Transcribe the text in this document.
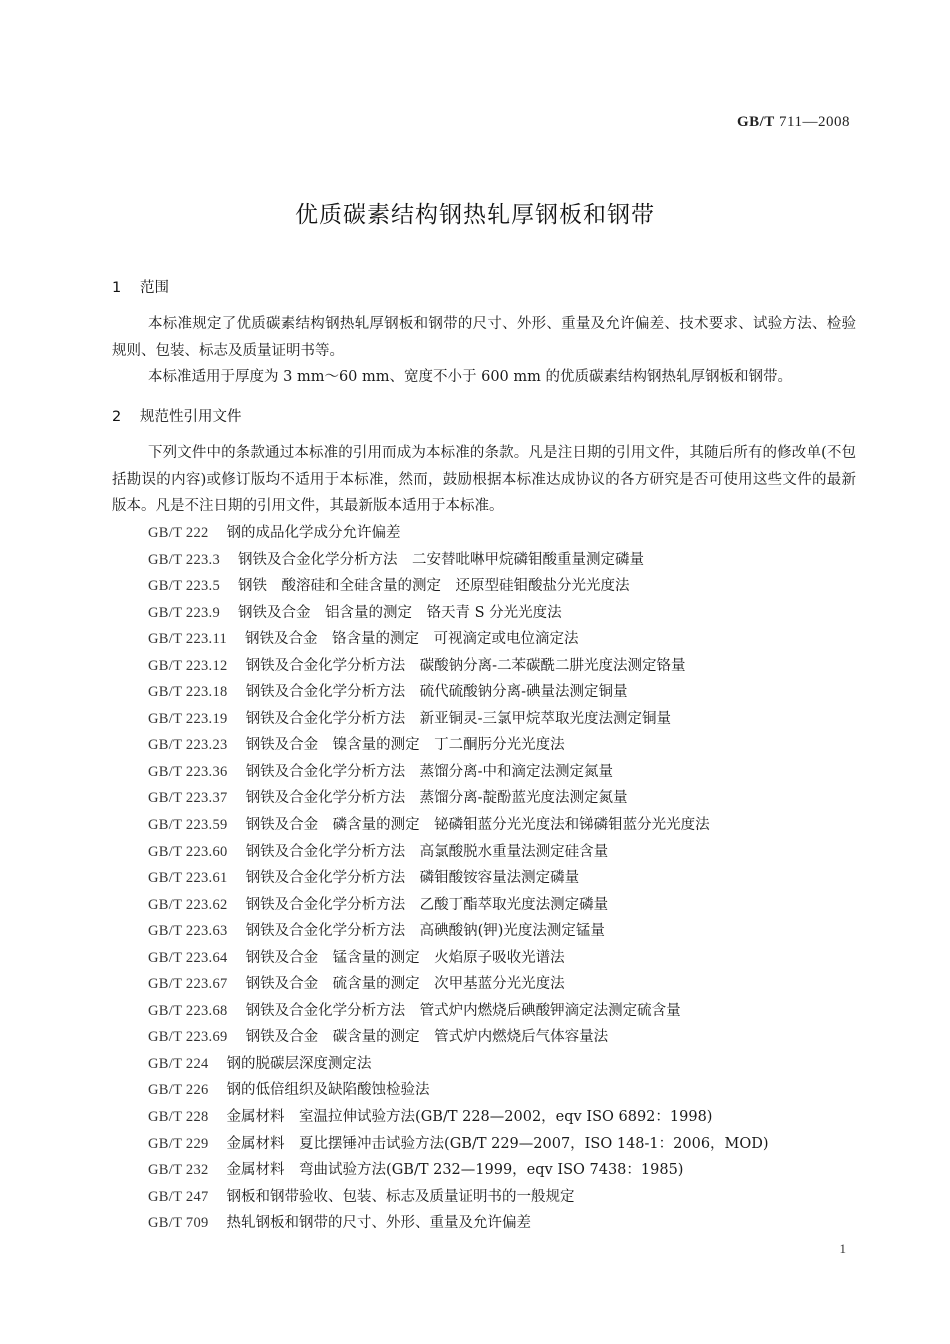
GB/T 711—2008
优质碳素结构钢热轧厚钢板和钢带
1 范围
本标准规定了优质碳素结构钢热轧厚钢板和钢带的尺寸、外形、重量及允许偏差、技术要求、试验方法、检验规则、包装、标志及质量证明书等。
本标准适用于厚度为 3 mm～60 mm、宽度不小于 600 mm 的优质碳素结构钢热轧厚钢板和钢带。
2 规范性引用文件
下列文件中的条款通过本标准的引用而成为本标准的条款。凡是注日期的引用文件，其随后所有的修改单(不包括勘误的内容)或修订版均不适用于本标准，然而，鼓励根据本标准达成协议的各方研究是否可使用这些文件的最新版本。凡是不注日期的引用文件，其最新版本适用于本标准。
GB/T 222 钢的成品化学成分允许偏差
GB/T 223.3 钢铁及合金化学分析方法　二安替吡啉甲烷磷钼酸重量测定磷量
GB/T 223.5 钢铁　酸溶硅和全硅含量的测定　还原型硅钼酸盐分光光度法
GB/T 223.9 钢铁及合金　铝含量的测定　铬天青 S 分光光度法
GB/T 223.11 钢铁及合金　铬含量的测定　可视滴定或电位滴定法
GB/T 223.12 钢铁及合金化学分析方法　碳酸钠分离-二苯碳酰二肼光度法测定铬量
GB/T 223.18 钢铁及合金化学分析方法　硫代硫酸钠分离-碘量法测定铜量
GB/T 223.19 钢铁及合金化学分析方法　新亚铜灵-三氯甲烷萃取光度法测定铜量
GB/T 223.23 钢铁及合金　镍含量的测定　丁二酮肟分光光度法
GB/T 223.36 钢铁及合金化学分析方法　蒸馏分离-中和滴定法测定氮量
GB/T 223.37 钢铁及合金化学分析方法　蒸馏分离-靛酚蓝光度法测定氮量
GB/T 223.59 钢铁及合金　磷含量的测定　铋磷钼蓝分光光度法和锑磷钼蓝分光光度法
GB/T 223.60 钢铁及合金化学分析方法　高氯酸脱水重量法测定硅含量
GB/T 223.61 钢铁及合金化学分析方法　磷钼酸铵容量法测定磷量
GB/T 223.62 钢铁及合金化学分析方法　乙酸丁酯萃取光度法测定磷量
GB/T 223.63 钢铁及合金化学分析方法　高碘酸钠(钾)光度法测定锰量
GB/T 223.64 钢铁及合金　锰含量的测定　火焰原子吸收光谱法
GB/T 223.67 钢铁及合金　硫含量的测定　次甲基蓝分光光度法
GB/T 223.68 钢铁及合金化学分析方法　管式炉内燃烧后碘酸钾滴定法测定硫含量
GB/T 223.69 钢铁及合金　碳含量的测定　管式炉内燃烧后气体容量法
GB/T 224 钢的脱碳层深度测定法
GB/T 226 钢的低倍组织及缺陷酸蚀检验法
GB/T 228 金属材料　室温拉伸试验方法(GB/T 228—2002，eqv ISO 6892：1998)
GB/T 229 金属材料　夏比摆锤冲击试验方法(GB/T 229—2007，ISO 148-1：2006，MOD)
GB/T 232 金属材料　弯曲试验方法(GB/T 232—1999，eqv ISO 7438：1985)
GB/T 247 钢板和钢带验收、包装、标志及质量证明书的一般规定
GB/T 709 热轧钢板和钢带的尺寸、外形、重量及允许偏差
1
